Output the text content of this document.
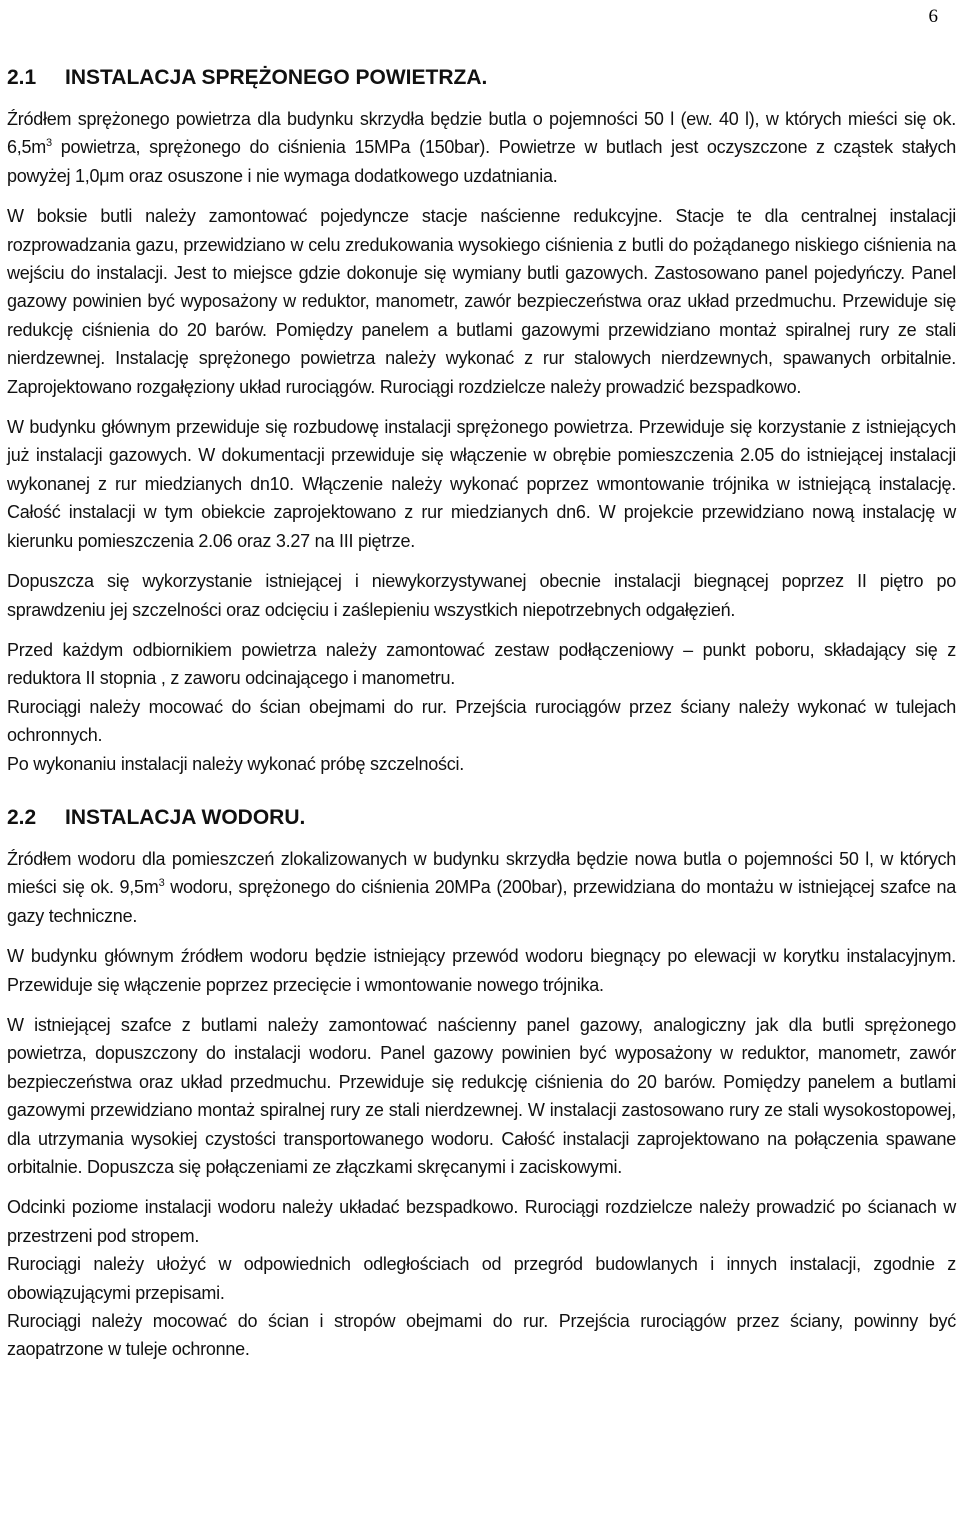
6
2.1 INSTALACJA SPRĘŻONEGO POWIETRZA.

Źródłem sprężonego powietrza dla budynku skrzydła będzie butla o pojemności 50 l (ew. 40 l), w których mieści się ok. $6,5m^3$ powietrza, sprężonego do ciśnienia 15MPa (150bar). Powietrze w butlach jest oczyszczone z cząstek stałych powyżej 1,0μm oraz osuszone i nie wymaga dodatkowego uzdatniania.

W boksie butli należy zamontować pojedyncze stacje naścienne redukcyjne. Stacje te dla centralnej instalacji rozprowadzania gazu, przewidziano w celu zredukowania wysokiego ciśnienia z butli do pożądanego niskiego ciśnienia na wejściu do instalacji. Jest to miejsce gdzie dokonuje się wymiany butli gazowych. Zastosowano panel pojedyńczy. Panel gazowy powinien być wyposażony w reduktor, manometr, zawór bezpieczeństwa oraz układ przedmuchu. Przewiduje się redukcję ciśnienia do 20 barów. Pomiędzy panelem a butlami gazowymi przewidziano montaż spiralnej rury ze stali nierdzewnej. Instalację sprężonego powietrza należy wykonać z rur stalowych nierdzewnych, spawanych orbitalnie. Zaprojektowano rozgałęziony układ rurociągów. Rurociągi rozdzielcze należy prowadzić bezspadkowo.

W budynku głównym przewiduje się rozbudowę instalacji sprężonego powietrza. Przewiduje się korzystanie z istniejących już instalacji gazowych. W dokumentacji przewiduje się włączenie w obrębie pomieszczenia 2.05 do istniejącej instalacji wykonanej z rur miedzianych dn10. Włączenie należy wykonać poprzez wmontowanie trójnika w istniejącą instalację. Całość instalacji w tym obiekcie zaprojektowano z rur miedzianych dn6. W projekcie przewidziano nową instalację w kierunku pomieszczenia 2.06 oraz 3.27 na III piętrze.

Dopuszcza się wykorzystanie istniejącej i niewykorzystywanej obecnie instalacji biegnącej poprzez II piętro po sprawdzeniu jej szczelności oraz odcięciu i zaślepieniu wszystkich niepotrzebnych odgałęzień.

Przed każdym odbiornikiem powietrza należy zamontować zestaw podłączeniowy – punkt poboru, składający się z reduktora II stopnia , z zaworu odcinającego i manometru.

Rurociągi należy mocować do ścian obejmami do rur. Przejścia rurociągów przez ściany należy wykonać w tulejach ochronnych.

Po wykonaniu instalacji należy wykonać próbę szczelności.

2.2 INSTALACJA WODORU.

Źródłem wodoru dla pomieszczeń zlokalizowanych w budynku skrzydła będzie nowa butla o pojemności 50 l, w których mieści się ok. $9,5m^3$ wodoru, sprężonego do ciśnienia 20MPa (200bar), przewidziana do montażu w istniejącej szafce na gazy techniczne.

W budynku głównym źródłem wodoru będzie istniejący przewód wodoru biegnący po elewacji w korytku instalacyjnym. Przewiduje się włączenie poprzez przecięcie i wmontowanie nowego trójnika.

W istniejącej szafce z butlami należy zamontować naścienny panel gazowy, analogiczny jak dla butli sprężonego powietrza, dopuszczony do instalacji wodoru. Panel gazowy powinien być wyposażony w reduktor, manometr, zawór bezpieczeństwa oraz układ przedmuchu. Przewiduje się redukcję ciśnienia do 20 barów. Pomiędzy panelem a butlami gazowymi przewidziano montaż spiralnej rury ze stali nierdzewnej. W instalacji zastosowano rury ze stali wysokostopowej, dla utrzymania wysokiej czystości transportowanego wodoru. Całość instalacji zaprojektowano na połączenia spawane orbitalnie. Dopuszcza się połączeniami ze złączkami skręcanymi i zaciskowymi.

Odcinki poziome instalacji wodoru należy układać bezspadkowo. Rurociągi rozdzielcze należy prowadzić po ścianach w przestrzeni pod stropem.

Rurociągi należy ułożyć w odpowiednich odległościach od przegród budowlanych i innych instalacji, zgodnie z obowiązującymi przepisami.

Rurociągi należy mocować do ścian i stropów obejmami do rur. Przejścia rurociągów przez ściany, powinny być zaopatrzone w tuleje ochronne.
